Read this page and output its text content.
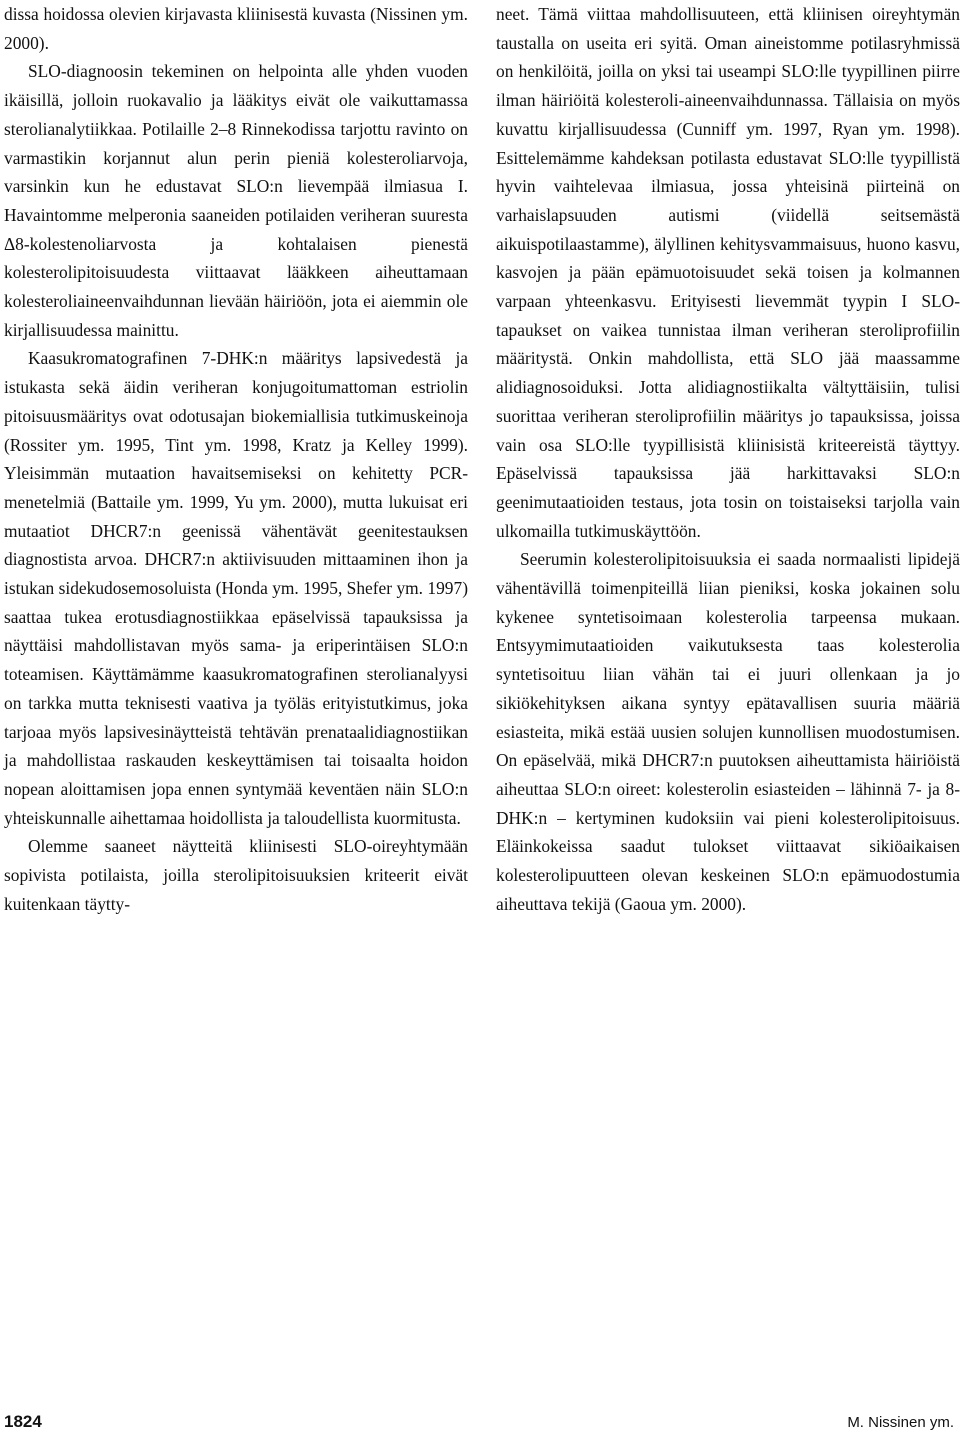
dissa hoidossa olevien kirjavasta kliinisestä kuvasta (Nissinen ym. 2000).

SLO-diagnoosin tekeminen on helpointa alle yhden vuoden ikäisillä, jolloin ruokavalio ja lääkitys eivät ole vaikuttamassa sterolianalytiikkaa. Potilaille 2–8 Rinnekodissa tarjottu ravinto on varmastikin korjannut alun perin pieniä kolesteroliarvoja, varsinkin kun he edustavat SLO:n lievempää ilmiasua I. Havaintomme melperonia saaneiden potilaiden veriheran suuresta Δ8-kolestenoliarvosta ja kohtalaisen pienestä kolesterolipitoisuudesta viittaavat lääkkeen aiheuttamaan kolesteroliaineenvaihdunnan lievään häiriöön, jota ei aiemmin ole kirjallisuudessa mainittu.

Kaasukromatografinen 7-DHK:n määritys lapsivedestä ja istukasta sekä äidin veriheran konjugoitumattoman estriolin pitoisuusmääritys ovat odotusajan biokemiallisia tutkimuskeinoja (Rossiter ym. 1995, Tint ym. 1998, Kratz ja Kelley 1999). Yleisimmän mutaation havaitsemiseksi on kehitetty PCR-menetelmiä (Battaile ym. 1999, Yu ym. 2000), mutta lukuisat eri mutaatiot DHCR7:n geenissä vähentävät geenitestauksen diagnostista arvoa. DHCR7:n aktiivisuuden mittaaminen ihon ja istukan sidekudosemosoluista (Honda ym. 1995, Shefer ym. 1997) saattaa tukea erotusdiagnostiikkaa epäselvissä tapauksissa ja näyttäisi mahdollistavan myös sama- ja eriperintäisen SLO:n toteamisen. Käyttämämme kaasukromatografinen sterolianalyysi on tarkka mutta teknisesti vaativa ja työläs erityistutkimus, joka tarjoaa myös lapsivesinäytteistä tehtävän prenataalidiagnostiikan ja mahdollistaa raskauden keskeyttämisen tai toisaalta hoidon nopean aloittamisen jopa ennen syntymää keventäen näin SLO:n yhteiskunnalle aihettamaa hoidollista ja taloudellista kuormitusta.

Olemme saaneet näytteitä kliinisesti SLO-oireyhtymään sopivista potilaista, joilla sterolipitoisuuksien kriteerit eivät kuitenkaan täytty-

neet. Tämä viittaa mahdollisuuteen, että kliinisen oireyhtymän taustalla on useita eri syitä. Oman aineistomme potilasryhmissä on henkilöitä, joilla on yksi tai useampi SLO:lle tyypillinen piirre ilman häiriöitä kolesteroli-aineenvaihdunnassa. Tällaisia on myös kuvattu kirjallisuudessa (Cunniff ym. 1997, Ryan ym. 1998). Esittelemämme kahdeksan potilasta edustavat SLO:lle tyypillistä hyvin vaihtelevaa ilmiasua, jossa yhteisinä piirteinä on varhaislapsuuden autismi (viidellä seitsemästä aikuispotilaastamme), älyllinen kehitysvammaisuus, huono kasvu, kasvojen ja pään epämuotoisuudet sekä toisen ja kolmannen varpaan yhteenkasvu. Erityisesti lievemmät tyypin I SLO-tapaukset on vaikea tunnistaa ilman veriheran steroliprofiilin määritystä. Onkin mahdollista, että SLO jää maassamme alidiagnosoiduksi. Jotta alidiagnostiikalta vältyttäisiin, tulisi suorittaa veriheran steroliprofiilin määritys jo tapauksissa, joissa vain osa SLO:lle tyypillisistä kliinisistä kriteereistä täyttyy. Epäselvissä tapauksissa jää harkittavaksi SLO:n geenimutaatioiden testaus, jota tosin on toistaiseksi tarjolla vain ulkomailla tutkimuskäyttöön.

Seerumin kolesterolipitoisuuksia ei saada normaalisti lipidejä vähentävillä toimenpiteillä liian pieniksi, koska jokainen solu kykenee syntetisoimaan kolesterolia tarpeensa mukaan. Entsyymimutaatioiden vaikutuksesta taas kolesterolia syntetisoituu liian vähän tai ei juuri ollenkaan ja jo sikiökehityksen aikana syntyy epätavallisen suuria määriä esiasteita, mikä estää uusien solujen kunnollisen muodostumisen. On epäselvää, mikä DHCR7:n puutoksen aiheuttamista häiriöistä aiheuttaa SLO:n oireet: kolesterolin esiasteiden – lähinnä 7- ja 8-DHK:n – kertyminen kudoksiin vai pieni kolesterolipitoisuus. Eläinkokeissa saadut tulokset viittaavat sikiöaikaisen kolesterolipuutteen olevan keskeinen SLO:n epämuodostumia aiheuttava tekijä (Gaoua ym. 2000).

1824	M. Nissinen ym.
